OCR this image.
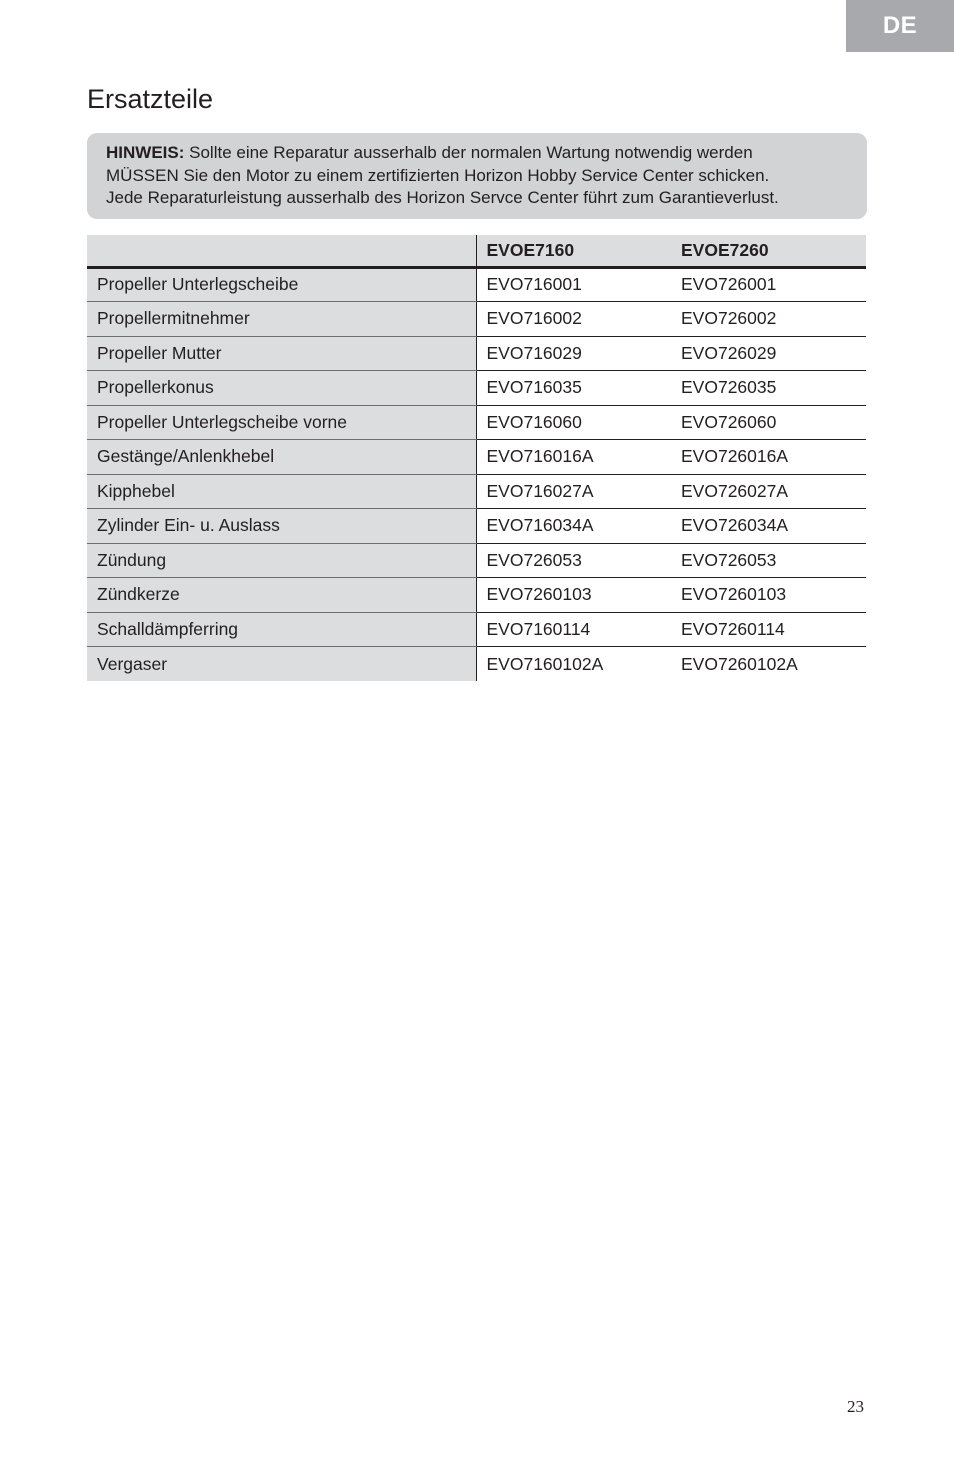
DE
Ersatzteile
HINWEIS: Sollte eine Reparatur ausserhalb der normalen Wartung notwendig werden
MÜSSEN Sie den Motor zu einem zertifizierten Horizon Hobby Service Center schicken.
Jede Reparaturleistung ausserhalb des Horizon Servce Center führt zum Garantieverlust.
	EVOE7160	EVOE7260
Propeller Unterlegscheibe	EVO716001	EVO726001
Propellermitnehmer	EVO716002	EVO726002
Propeller Mutter	EVO716029	EVO726029
Propellerkonus	EVO716035	EVO726035
Propeller Unterlegscheibe vorne	EVO716060	EVO726060
Gestänge/Anlenkhebel	EVO716016A	EVO726016A
Kipphebel	EVO716027A	EVO726027A
Zylinder Ein- u. Auslass	EVO716034A	EVO726034A
Zündung	EVO726053	EVO726053
Zündkerze	EVO7260103	EVO7260103
Schalldämpferring	EVO7160114	EVO7260114
Vergaser	EVO7160102A	EVO7260102A
23
